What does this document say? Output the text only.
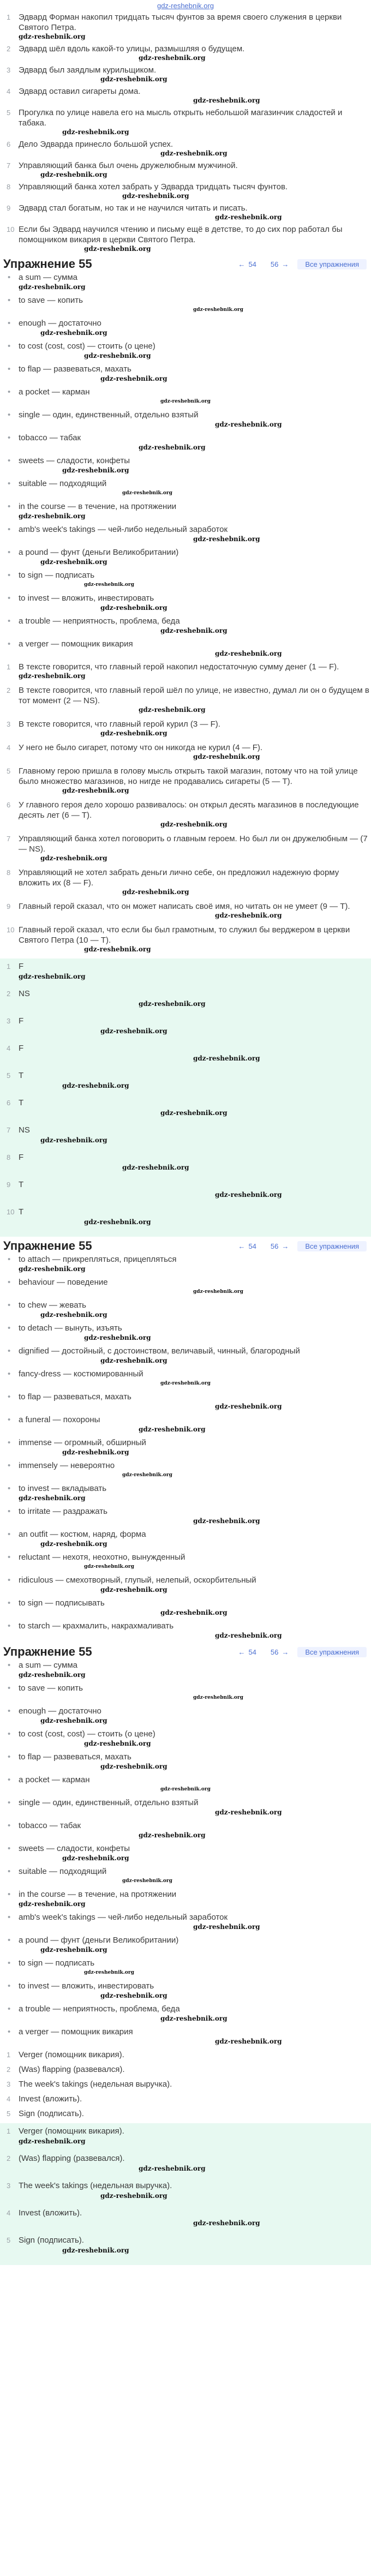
gdz-reshebnik.org
1 Эдвард Форман накопил тридцать тысяч фунтов за время своего служения в церкви Святого Петра.
gdz-reshebnik.org
2 Эдвард шёл вдоль какой-то улицы, размышляя о будущем.
gdz-reshebnik.org
3 Эдвард был заядлым курильщиком.
gdz-reshebnik.org
4 Эдвард оставил сигареты дома.
gdz-reshebnik.org
5 Прогулка по улице навела его на мысль открыть небольшой магазинчик сладостей и табака.
gdz-reshebnik.org
6 Дело Эдварда принесло большой успех.
gdz-reshebnik.org
7 Управляющий банка был очень дружелюбным мужчиной.
gdz-reshebnik.org
8 Управляющий банка хотел забрать у Эдварда тридцать тысяч фунтов.
gdz-reshebnik.org
9 Эдвард стал богатым, но так и не научился читать и писать.
gdz-reshebnik.org
10 Если бы Эдвард научился чтению и письму ещё в детстве, то до сих пор работал бы помощником викария в церкви Святого Петра.
gdz-reshebnik.org
Упражнение 55	← 54 56 →	Все упражнения
• a sum — сумма
gdz-reshebnik.org
• to save — копить
gdz-reshebnik.org
• enough — достаточно
gdz-reshebnik.org
• to cost (cost, cost) — стоить (о цене)
gdz-reshebnik.org
• to flap — развеваться, махать
gdz-reshebnik.org
• a pocket — карман
gdz-reshebnik.org
• single — один, единственный, отдельно взятый
gdz-reshebnik.org
• tobacco — табак
gdz-reshebnik.org
• sweets — сладости, конфеты
gdz-reshebnik.org
• suitable — подходящий
gdz-reshebnik.org
• in the course — в течение, на протяжении
gdz-reshebnik.org
• amb's week's takings — чей-либо недельный заработок
gdz-reshebnik.org
• a pound — фунт (деньги Великобритании)
gdz-reshebnik.org
• to sign — подписать
gdz-reshebnik.org
• to invest — вложить, инвестировать
gdz-reshebnik.org
• a trouble — неприятность, проблема, беда
gdz-reshebnik.org
• a verger — помощник викария
gdz-reshebnik.org
1 В тексте говорится, что главный герой накопил недостаточную сумму денег (1 — F).
gdz-reshebnik.org
2 В тексте говорится, что главный герой шёл по улице, не известно, думал ли он о будущем в тот момент (2 — NS).
gdz-reshebnik.org
3 В тексте говорится, что главный герой курил (3 — F).
gdz-reshebnik.org
4 У него не было сигарет, потому что он никогда не курил (4 — F).
gdz-reshebnik.org
5 Главному герою пришла в голову мысль открыть такой магазин, потому что на той улице было множество магазинов, но нигде не продавались сигареты (5 — T).
gdz-reshebnik.org
6 У главного героя дело хорошо развивалось: он открыл десять магазинов в последующие десять лет (6 — T).
gdz-reshebnik.org
7 Управляющий банка хотел поговорить о главным героем. Но был ли он дружелюбным — (7 — NS).
gdz-reshebnik.org
8 Управляющий не хотел забрать деньги лично себе, он предложил надежную форму вложить их (8 — F).
gdz-reshebnik.org
9 Главный герой сказал, что он может написать своё имя, но читать он не умеет (9 — T).
gdz-reshebnik.org
10 Главный герой сказал, что если бы был грамотным, то служил бы верджером в церкви Святого Петра (10 — T).
gdz-reshebnik.org
1 F
gdz-reshebnik.org
2 NS
gdz-reshebnik.org
3 F
gdz-reshebnik.org
4 F
gdz-reshebnik.org
5 T
gdz-reshebnik.org
6 T
gdz-reshebnik.org
7 NS
gdz-reshebnik.org
8 F
gdz-reshebnik.org
9 T
gdz-reshebnik.org
10 T
gdz-reshebnik.org
Упражнение 55	← 54 56 →	Все упражнения
• to attach — прикрепляться, прицепляться
gdz-reshebnik.org
• behaviour — поведение
gdz-reshebnik.org
• to chew — жевать
gdz-reshebnik.org
• to detach — вынуть, изъять
gdz-reshebnik.org
• dignified — достойный, с достоинством, величавый, чинный, благородный
gdz-reshebnik.org
• fancy-dress — костюмированный
gdz-reshebnik.org
• to flap — развеваться, махать
gdz-reshebnik.org
• a funeral — похороны
gdz-reshebnik.org
• immense — огромный, обширный
gdz-reshebnik.org
• immensely — невероятно
gdz-reshebnik.org
• to invest — вкладывать
gdz-reshebnik.org
• to irritate — раздражать
gdz-reshebnik.org
• an outfit — костюм, наряд, форма
gdz-reshebnik.org
• reluctant — нехотя, неохотно, вынужденный
gdz-reshebnik.org
• ridiculous — смехотворный, глупый, нелепый, оскорбительный
gdz-reshebnik.org
• to sign — подписывать
gdz-reshebnik.org
• to starch — крахмалить, накрахмаливать
gdz-reshebnik.org
Упражнение 55	← 54 56 →	Все упражнения
• a sum — сумма
gdz-reshebnik.org
• to save — копить
gdz-reshebnik.org
• enough — достаточно
gdz-reshebnik.org
• to cost (cost, cost) — стоить (о цене)
gdz-reshebnik.org
• to flap — развеваться, махать
gdz-reshebnik.org
• a pocket — карман
gdz-reshebnik.org
• single — один, единственный, отдельно взятый
gdz-reshebnik.org
• tobacco — табак
gdz-reshebnik.org
• sweets — сладости, конфеты
gdz-reshebnik.org
• suitable — подходящий
gdz-reshebnik.org
• in the course — в течение, на протяжении
gdz-reshebnik.org
• amb's week's takings — чей-либо недельный заработок
gdz-reshebnik.org
• a pound — фунт (деньги Великобритании)
gdz-reshebnik.org
• to sign — подписать
gdz-reshebnik.org
• to invest — вложить, инвестировать
gdz-reshebnik.org
• a trouble — неприятность, проблема, беда
gdz-reshebnik.org
• a verger — помощник викария
gdz-reshebnik.org
1 Verger (помощник викария).
2 (Was) flapping (развевался).
3 The week's takings (недельная выручка).
4 Invest (вложить).
5 Sign (подписать).
1 Verger (помощник викария).
gdz-reshebnik.org
2 (Was) flapping (развевался).
gdz-reshebnik.org
3 The week's takings (недельная выручка).
gdz-reshebnik.org
4 Invest (вложить).
gdz-reshebnik.org
5 Sign (подписать).
gdz-reshebnik.org
